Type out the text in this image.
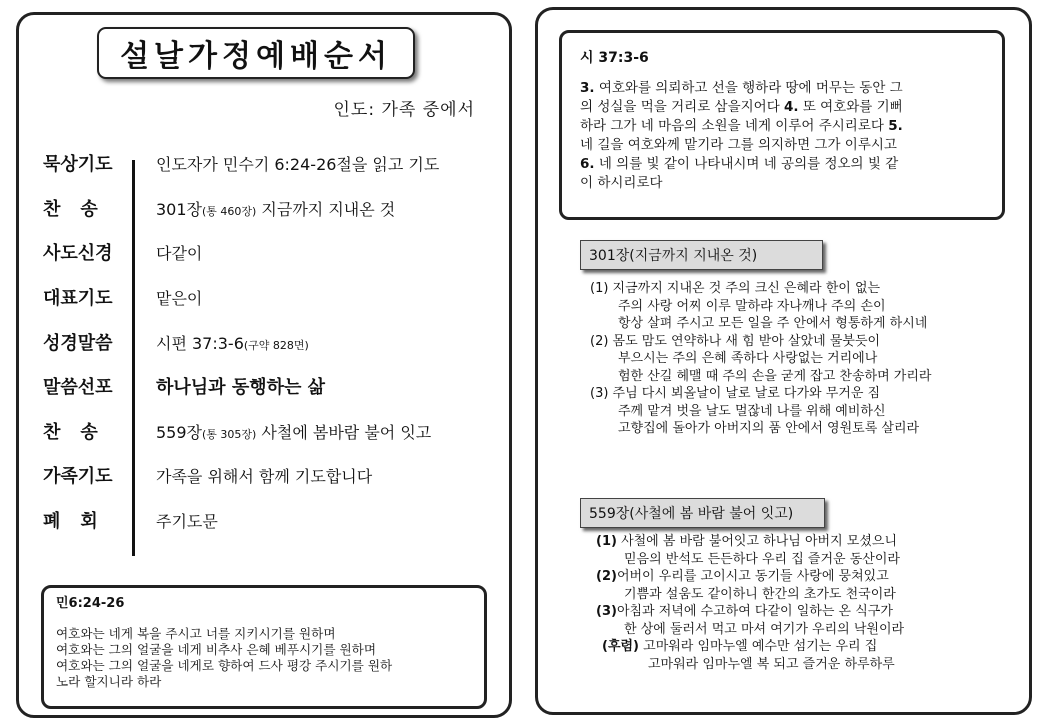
설날가정예배순서
인도: 가족 중에서
묵상기도	인도자가 민수기 6:24-26절을 읽고 기도
찬송	301장(통 460장) 지금까지 지내온 것
사도신경	다같이
대표기도	맡은이
성경말씀	시편 37:3-6(구약 828면)
말씀선포	하나님과 동행하는 삶
찬송	559장(통 305장) 사철에 봄바람 불어 잇고
가족기도	가족을 위해서 함께 기도합니다
폐회	주기도문
민6:24-26
여호와는 네게 복을 주시고 너를 지키시기를 원하며
여호와는 그의 얼굴을 네게 비추사 은혜 베푸시기를 원하며
여호와는 그의 얼굴을 네게로 향하여 드사 평강 주시기를 원하
노라 할지니라 하라
시 37:3-6
3. 여호와를 의뢰하고 선을 행하라 땅에 머무는 동안 그
의 성실을 먹을 거리로 삼을지어다 4. 또 여호와를 기뻐
하라 그가 네 마음의 소원을 네게 이루어 주시리로다 5.
네 길을 여호와께 맡기라 그를 의지하면 그가 이루시고
6. 네 의를 빛 같이 나타내시며 네 공의를 정오의 빛 같
이 하시리로다
301장(지금까지 지내온 것)
(1) 지금까지 지내온 것 주의 크신 은혜라 한이 없는
주의 사랑 어찌 이루 말하랴 자나깨나 주의 손이
항상 살펴 주시고 모든 일을 주 안에서 형통하게 하시네
(2) 몸도 맘도 연약하나 새 힘 받아 살았네 물붓듯이
부으시는 주의 은혜 족하다 사랑없는 거리에나
험한 산길 헤맬 때 주의 손을 굳게 잡고 찬송하며 가리라
(3) 주님 다시 뵈올날이 날로 날로 다가와 무거운 짐
주께 맡겨 벗을 날도 멀잖네 나를 위해 예비하신
고향집에 돌아가 아버지의 품 안에서 영원토록 살리라
559장(사철에 봄 바람 불어 잇고)
(1) 사철에 봄 바람 불어잇고 하나님 아버지 모셨으니
믿음의 반석도 든든하다 우리 집 즐거운 동산이라
(2)어버이 우리를 고이시고 동기들 사랑에 뭉쳐있고
기쁨과 설움도 같이하니 한간의 초가도 천국이라
(3)아침과 저녁에 수고하여 다같이 일하는 온 식구가
한 상에 둘러서 먹고 마셔 여기가 우리의 낙원이라
(후렴) 고마워라 임마누엘 예수만 섬기는 우리 집
고마워라 임마누엘 복 되고 즐거운 하루하루
